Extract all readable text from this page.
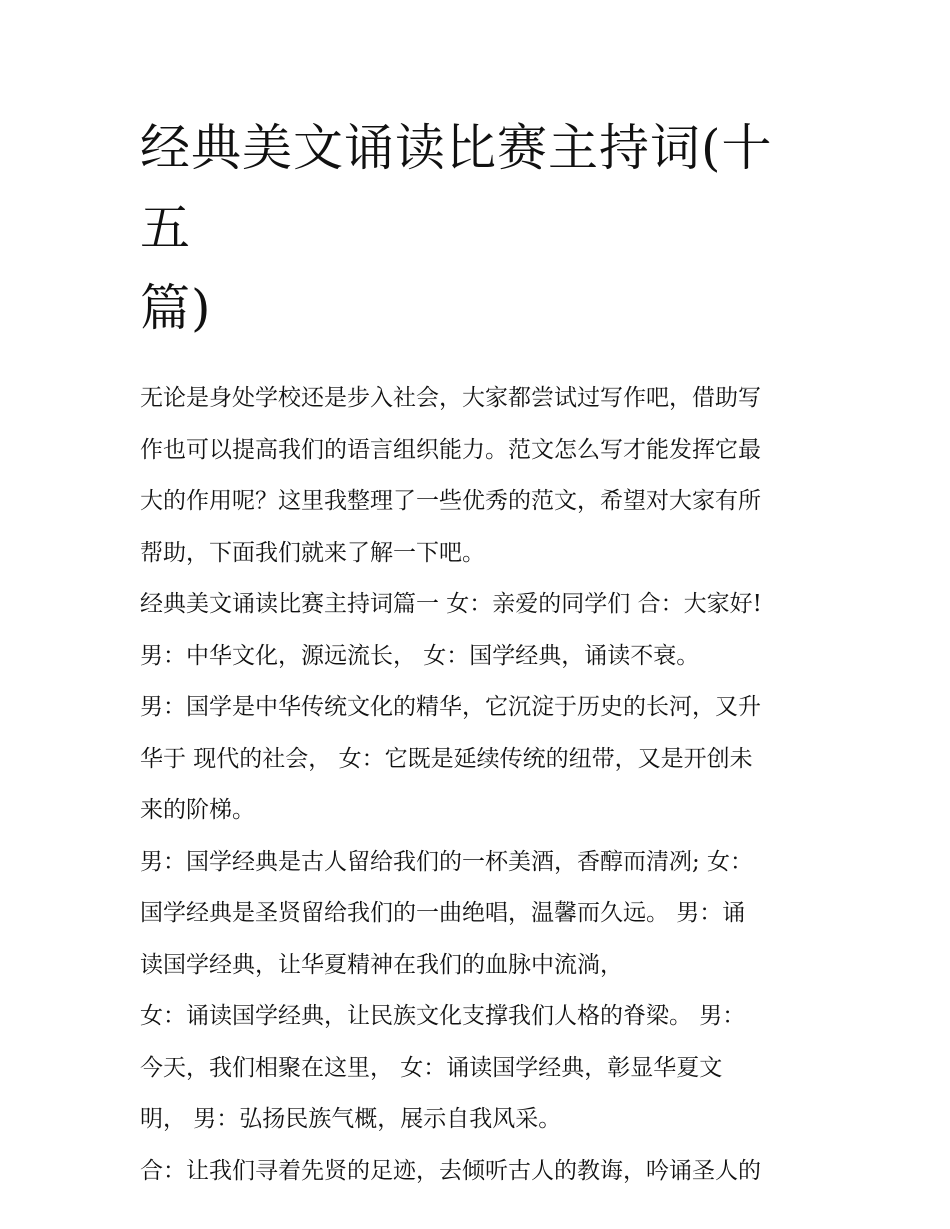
经典美文诵读比赛主持词(十五
篇)

无论是身处学校还是步入社会，大家都尝试过写作吧，借助写

作也可以提高我们的语言组织能力。范文怎么写才能发挥它最

大的作用呢？这里我整理了一些优秀的范文，希望对大家有所

帮助，下面我们就来了解一下吧。

经典美文诵读比赛主持词篇一 女：亲爱的同学们 合：大家好!

男：中华文化，源远流长， 女：国学经典，诵读不衰。

男：国学是中华传统文化的精华，它沉淀于历史的长河，又升

华于 现代的社会， 女：它既是延续传统的纽带，又是开创未

来的阶梯。

男：国学经典是古人留给我们的一杯美酒，香醇而清冽; 女：

国学经典是圣贤留给我们的一曲绝唱，温馨而久远。 男：诵

读国学经典，让华夏精神在我们的血脉中流淌，

女：诵读国学经典，让民族文化支撑我们人格的脊梁。 男：

今天，我们相聚在这里， 女：诵读国学经典，彰显华夏文

明， 男：弘扬民族气概，展示自我风采。

合：让我们寻着先贤的足迹，去倾听古人的教诲，吟诵圣人的
